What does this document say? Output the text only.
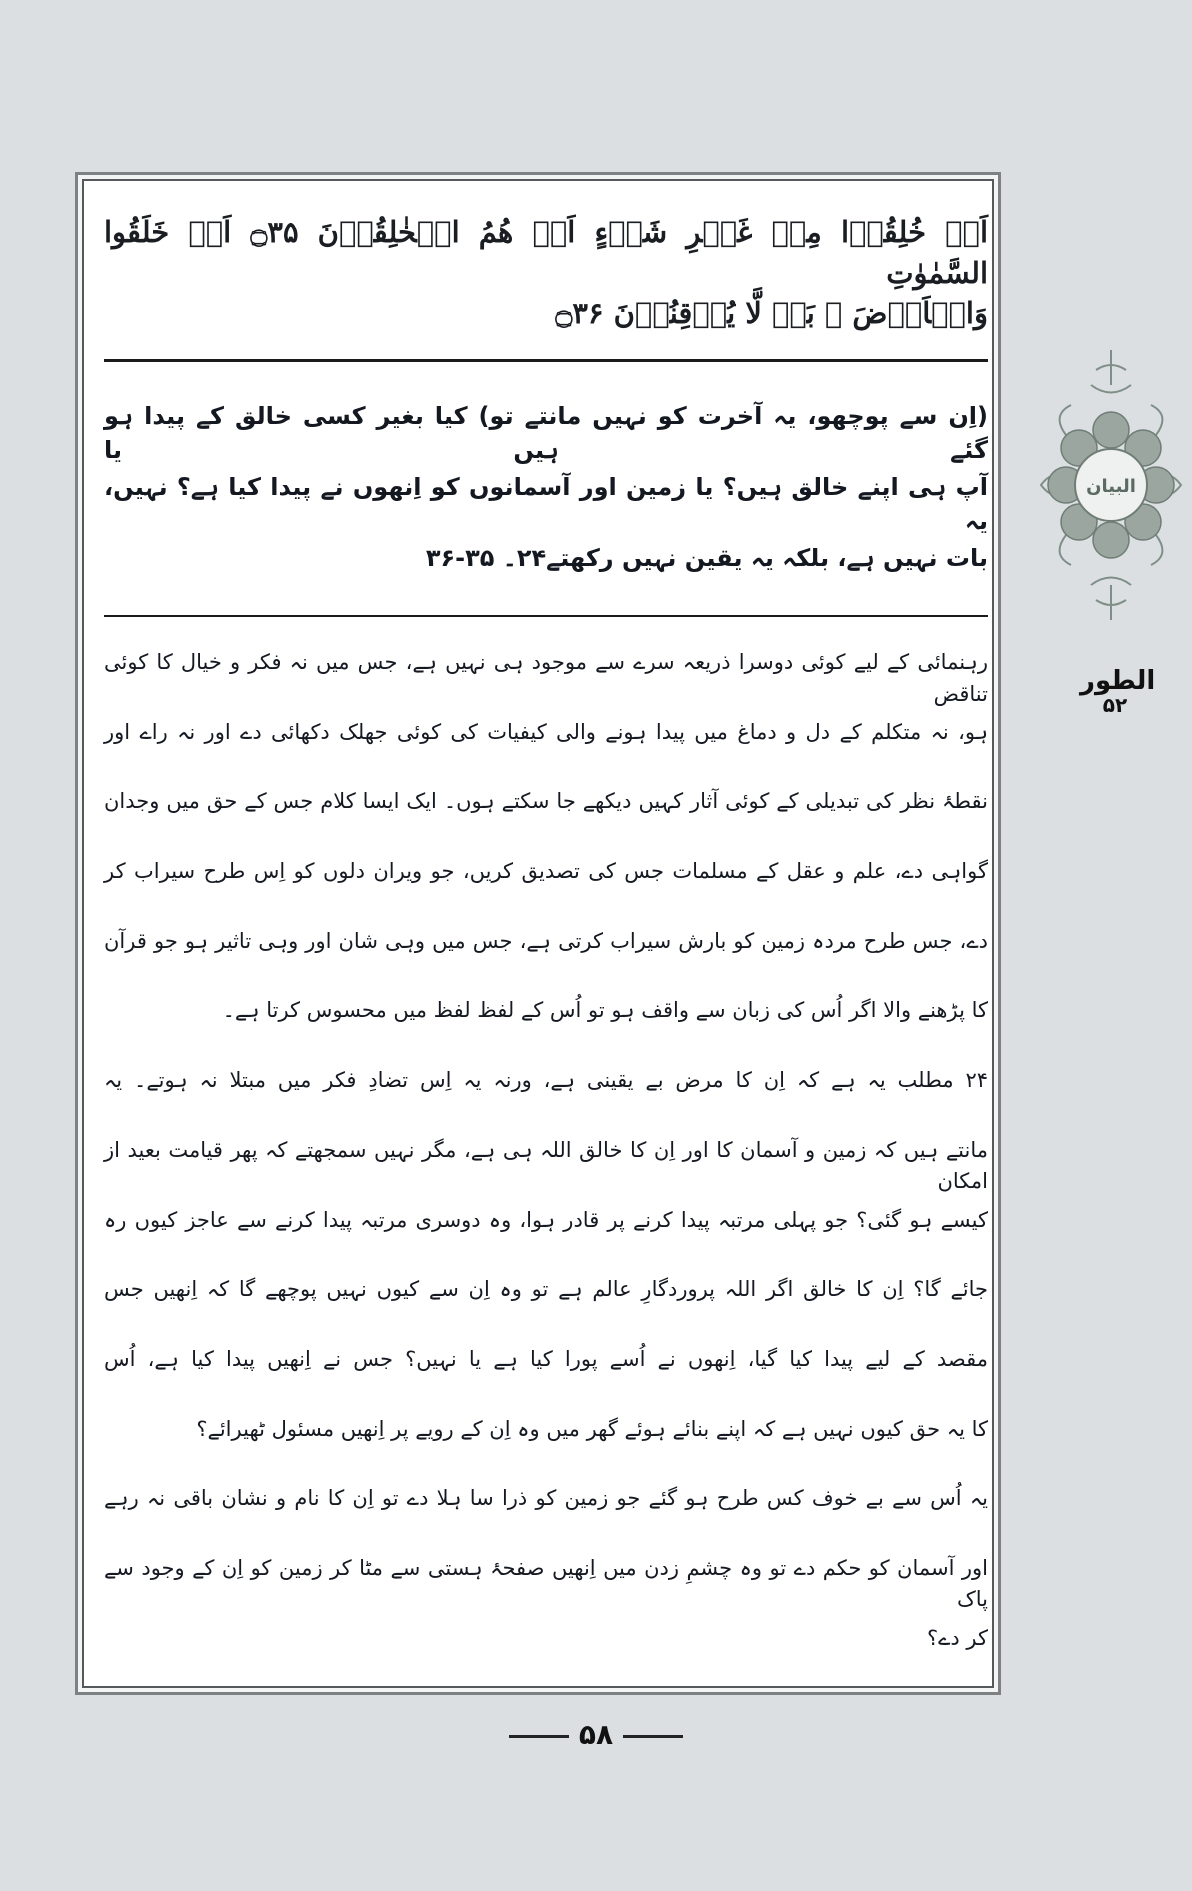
اَمۡ خُلِقُوۡا مِنۡ غَیۡرِ شَیۡءٍ اَمۡ ھُمُ الۡخٰلِقُوۡنَ ۝۳۵ اَمۡ خَلَقُوا السَّمٰوٰتِ
وَالۡاَرۡضَ ۚ بَلۡ لَّا یُوۡقِنُوۡنَ ۝۳۶
(اِن سے پوچھو، یہ آخرت کو نہیں مانتے تو) کیا بغیر کسی خالق کے پیدا ہو گئے ہیں یا
آپ ہی اپنے خالق ہیں؟ یا زمین اور آسمانوں کو اِنھوں نے پیدا کیا ہے؟ نہیں، یہ
بات نہیں ہے، بلکہ یہ یقین نہیں رکھتے۲۴۔ ۳۵-۳۶
رہنمائی کے لیے کوئی دوسرا ذریعہ سرے سے موجود ہی نہیں ہے، جس میں نہ فکر و خیال کا کوئی تناقض
ہو، نہ متکلم کے دل و دماغ میں پیدا ہونے والی کیفیات کی کوئی جھلک دکھائی دے اور نہ راے اور
نقطۂ نظر کی تبدیلی کے کوئی آثار کہیں دیکھے جا سکتے ہوں۔ ایک ایسا کلام جس کے حق میں وجدان
گواہی دے، علم و عقل کے مسلمات جس کی تصدیق کریں، جو ویران دلوں کو اِس طرح سیراب کر
دے، جس طرح مردہ زمین کو بارش سیراب کرتی ہے، جس میں وہی شان اور وہی تاثیر ہو جو قرآن
کا پڑھنے والا اگر اُس کی زبان سے واقف ہو تو اُس کے لفظ لفظ میں محسوس کرتا ہے۔
۲۴ مطلب یہ ہے کہ اِن کا مرض بے یقینی ہے، ورنہ یہ اِس تضادِ فکر میں مبتلا نہ ہوتے۔ یہ
مانتے ہیں کہ زمین و آسمان کا اور اِن کا خالق اللہ ہی ہے، مگر نہیں سمجھتے کہ پھر قیامت بعید از امکان
کیسے ہو گئی؟ جو پہلی مرتبہ پیدا کرنے پر قادر ہوا، وہ دوسری مرتبہ پیدا کرنے سے عاجز کیوں رہ
جائے گا؟ اِن کا خالق اگر اللہ پروردگارِ عالم ہے تو وہ اِن سے کیوں نہیں پوچھے گا کہ اِنھیں جس
مقصد کے لیے پیدا کیا گیا، اِنھوں نے اُسے پورا کیا ہے یا نہیں؟ جس نے اِنھیں پیدا کیا ہے، اُس
کا یہ حق کیوں نہیں ہے کہ اپنے بنائے ہوئے گھر میں وہ اِن کے رویے پر اِنھیں مسئول ٹھیرائے؟
یہ اُس سے بے خوف کس طرح ہو گئے جو زمین کو ذرا سا ہلا دے تو اِن کا نام و نشان باقی نہ رہے
اور آسمان کو حکم دے تو وہ چشمِ زدن میں اِنھیں صفحۂ ہستی سے مٹا کر زمین کو اِن کے وجود سے پاک
کر دے؟
۵۸
البیان
الطور
۵۲
